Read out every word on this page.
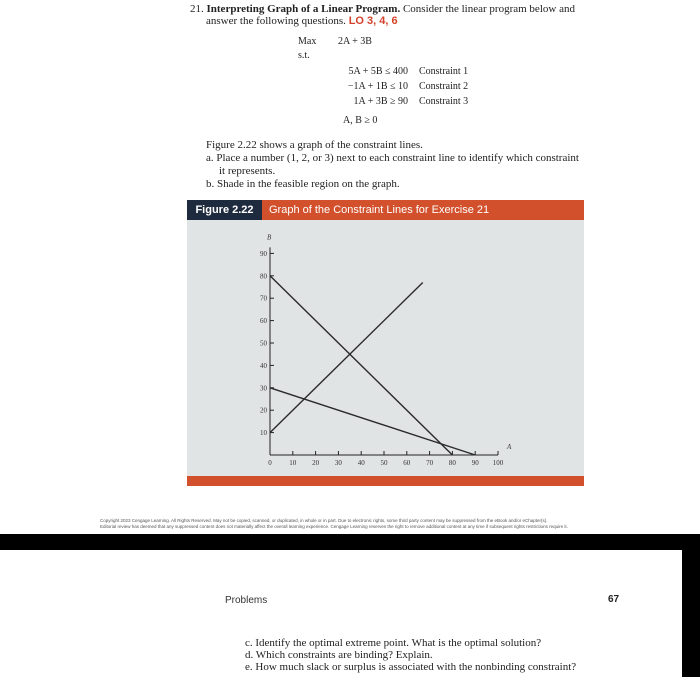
21. Interpreting Graph of a Linear Program. Consider the linear program below and
answer the following questions. LO 3, 4, 6
Max 2A + 3B
s.t.
5A + 5B ≤ 400 Constraint 1
−1A + 1B ≤ 10 Constraint 2
1A + 3B ≥ 90 Constraint 3
A, B ≥ 0
Figure 2.22 shows a graph of the constraint lines.
a. Place a number (1, 2, or 3) next to each constraint line to identify which constraint
it represents.
b. Shade in the feasible region on the graph.
Figure 2.22	Graph of the Constraint Lines for Exercise 21
B
A
0	10 20 30 40 50 60 70 80 90 100
10
20
30
40
50
60
70
80
90
Copyright 2023 Cengage Learning. All Rights Reserved. May not be copied, scanned, or duplicated, in whole or in part. Due to electronic rights, some third party content may be suppressed from the eBook and/or eChapter(s).
Editorial review has deemed that any suppressed content does not materially affect the overall learning experience. Cengage Learning reserves the right to remove additional content at any time if subsequent rights restrictions require it.
Problems	67
c. Identify the optimal extreme point. What is the optimal solution?
d. Which constraints are binding? Explain.
e. How much slack or surplus is associated with the nonbinding constraint?
